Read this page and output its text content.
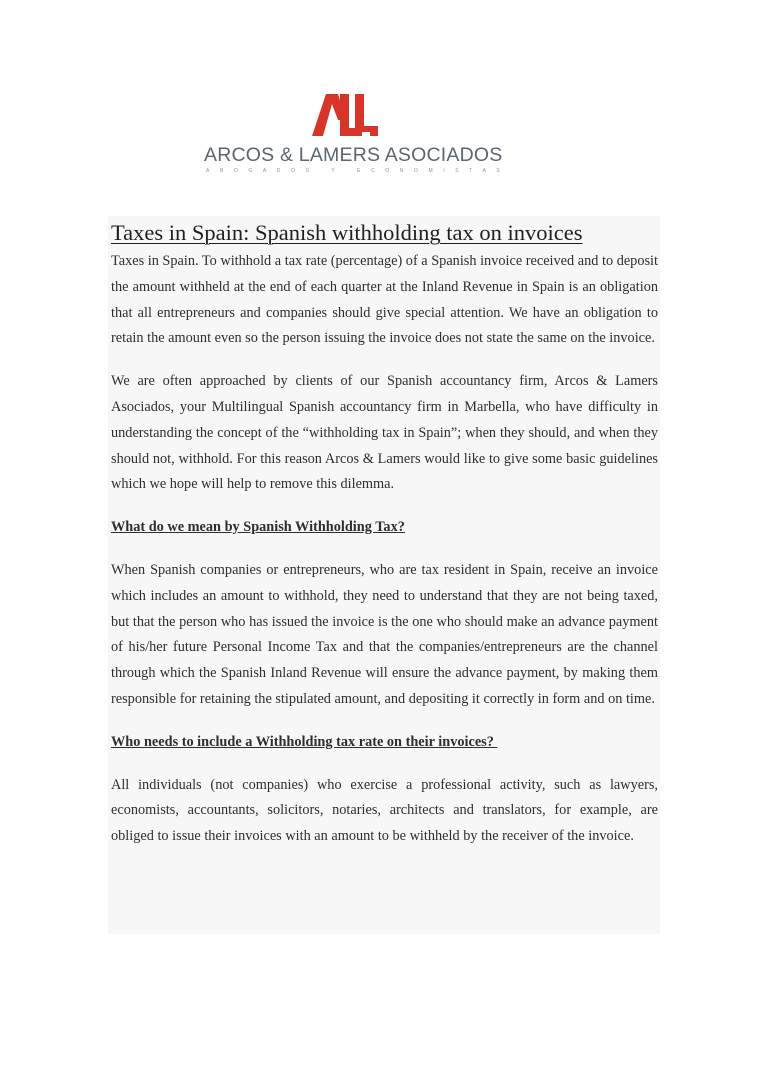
ARCOS & LAMERS ASOCIADOS
ABOGADOS Y ECONOMISTAS
Taxes in Spain: Spanish withholding tax on invoices

Taxes in Spain. To withhold a tax rate (percentage) of a Spanish invoice received and to deposit the amount withheld at the end of each quarter at the Inland Revenue in Spain is an obligation that all entrepreneurs and companies should give special attention. We have an obligation to retain the amount even so the person issuing the invoice does not state the same on the invoice.

We are often approached by clients of our Spanish accountancy firm, Arcos & Lamers Asociados, your Multilingual Spanish accountancy firm in Marbella, who have difficulty in understanding the concept of the “withholding tax in Spain”; when they should, and when they should not, withhold. For this reason Arcos & Lamers would like to give some basic guidelines which we hope will help to remove this dilemma.

What do we mean by Spanish Withholding Tax?

When Spanish companies or entrepreneurs, who are tax resident in Spain, receive an invoice which includes an amount to withhold, they need to understand that they are not being taxed, but that the person who has issued the invoice is the one who should make an advance payment of his/her future Personal Income Tax and that the companies/entrepreneurs are the channel through which the Spanish Inland Revenue will ensure the advance payment, by making them responsible for retaining the stipulated amount, and depositing it correctly in form and on time.

Who needs to include a Withholding tax rate on their invoices?

All individuals (not companies) who exercise a professional activity, such as lawyers, economists, accountants, solicitors, notaries, architects and translators, for example, are obliged to issue their invoices with an amount to be withheld by the receiver of the invoice.
